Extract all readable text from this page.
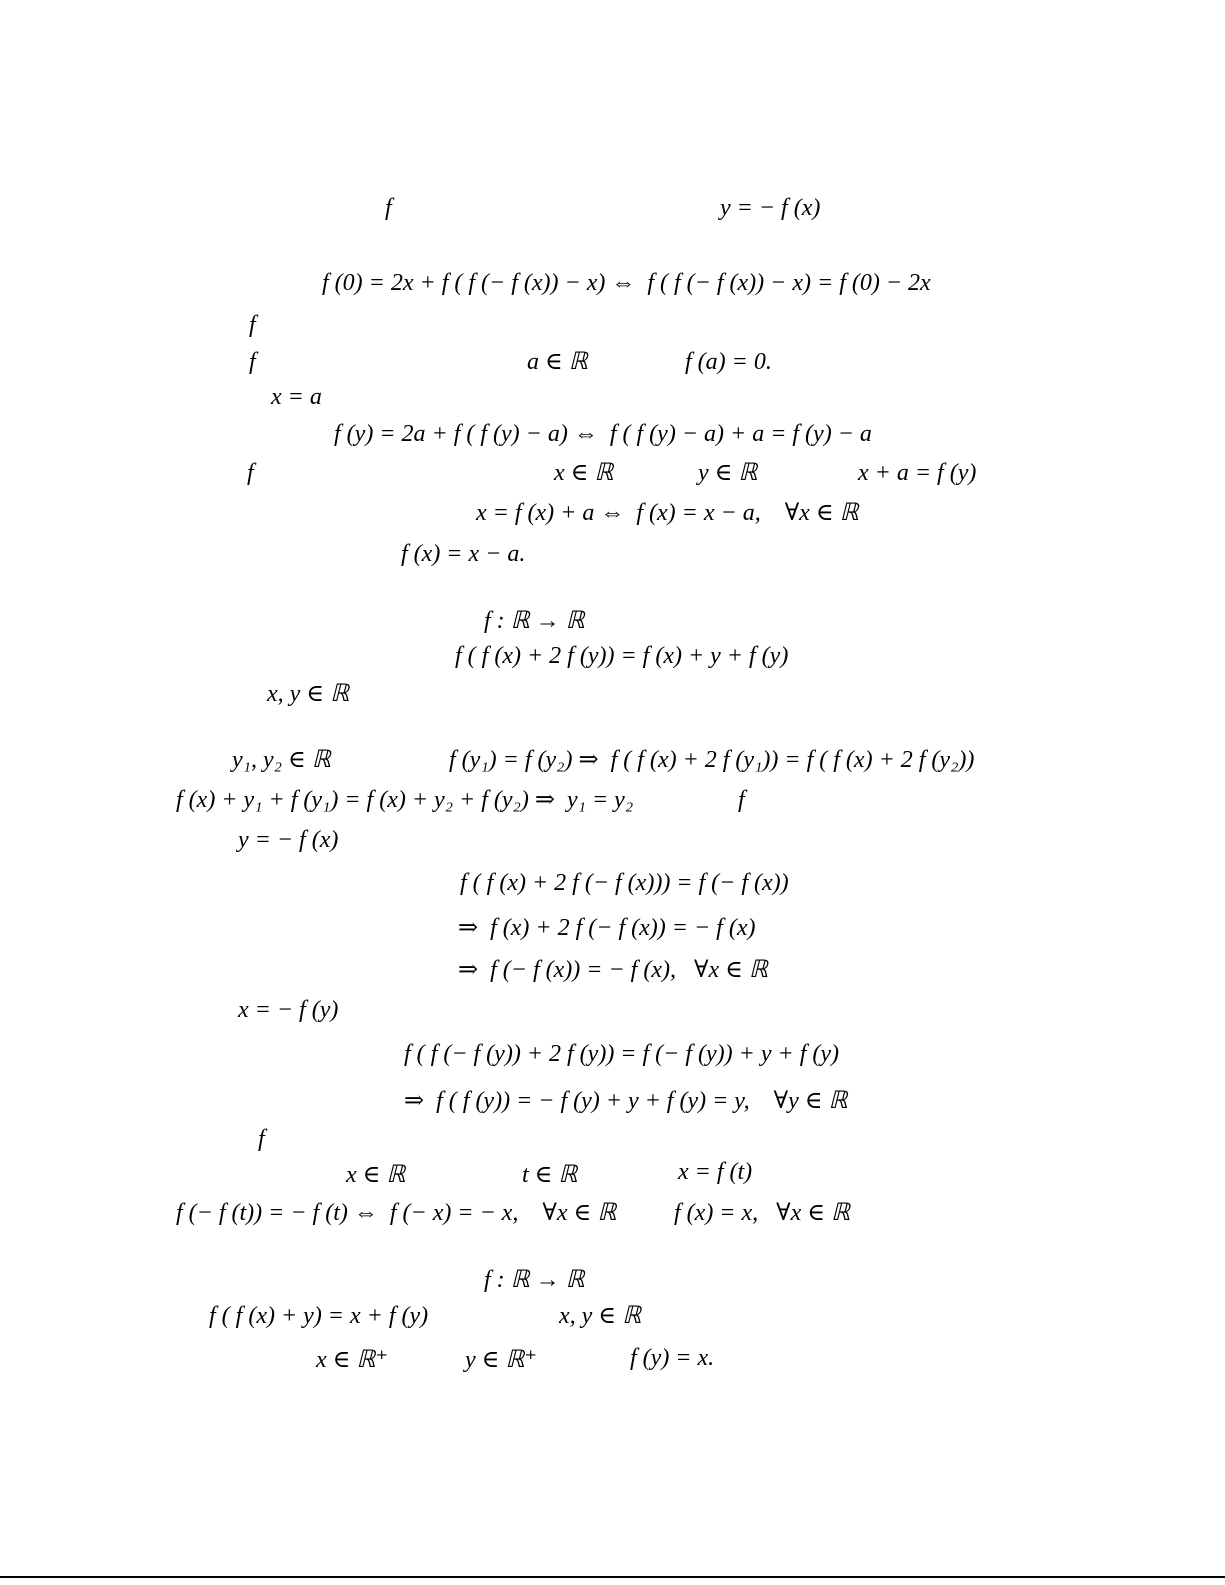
f	y = − f (x)
f (0) = 2x + f ( f (− f (x)) − x) ⇔  f ( f (− f (x)) − x) = f (0) − 2x
f
f	a ∈ ℝ	f (a) = 0.
x = a
f (y) = 2a + f ( f (y) − a) ⇔  f ( f (y) − a) + a = f (y) − a
f	x ∈ ℝ	y ∈ ℝ	x + a = f (y)
x = f (x) + a ⇔  f (x) = x − a,    ∀x ∈ ℝ
f (x) = x − a.
f : ℝ → ℝ
f ( f (x) + 2 f (y)) = f (x) + y + f (y)
x, y ∈ ℝ
y₁, y₂ ∈ ℝ	f (y₁) = f (y₂) ⇒  f ( f (x) + 2 f (y₁)) = f ( f (x) + 2 f (y₂))
f (x) + y₁ + f (y₁) = f (x) + y₂ + f (y₂) ⇒  y₁ = y₂	f
y = − f (x)
f ( f (x) + 2 f (− f (x))) = f (− f (x))
⇒  f (x) + 2 f (− f (x)) = − f (x)
⇒  f (− f (x)) = − f (x),   ∀x ∈ ℝ
x = − f (y)
f ( f (− f (y)) + 2 f (y)) = f (− f (y)) + y + f (y)
⇒  f ( f (y)) = − f (y) + y + f (y) = y,    ∀y ∈ ℝ
f
x ∈ ℝ	t ∈ ℝ	x = f (t)
f (− f (t)) = − f (t) ⇔  f (− x) = − x,    ∀x ∈ ℝ f (x) = x,   ∀x ∈ ℝ
f : ℝ → ℝ
f ( f (x) + y) = x + f (y)	x, y ∈ ℝ
x ∈ ℝ⁺	y ∈ ℝ⁺	f (y) = x.
